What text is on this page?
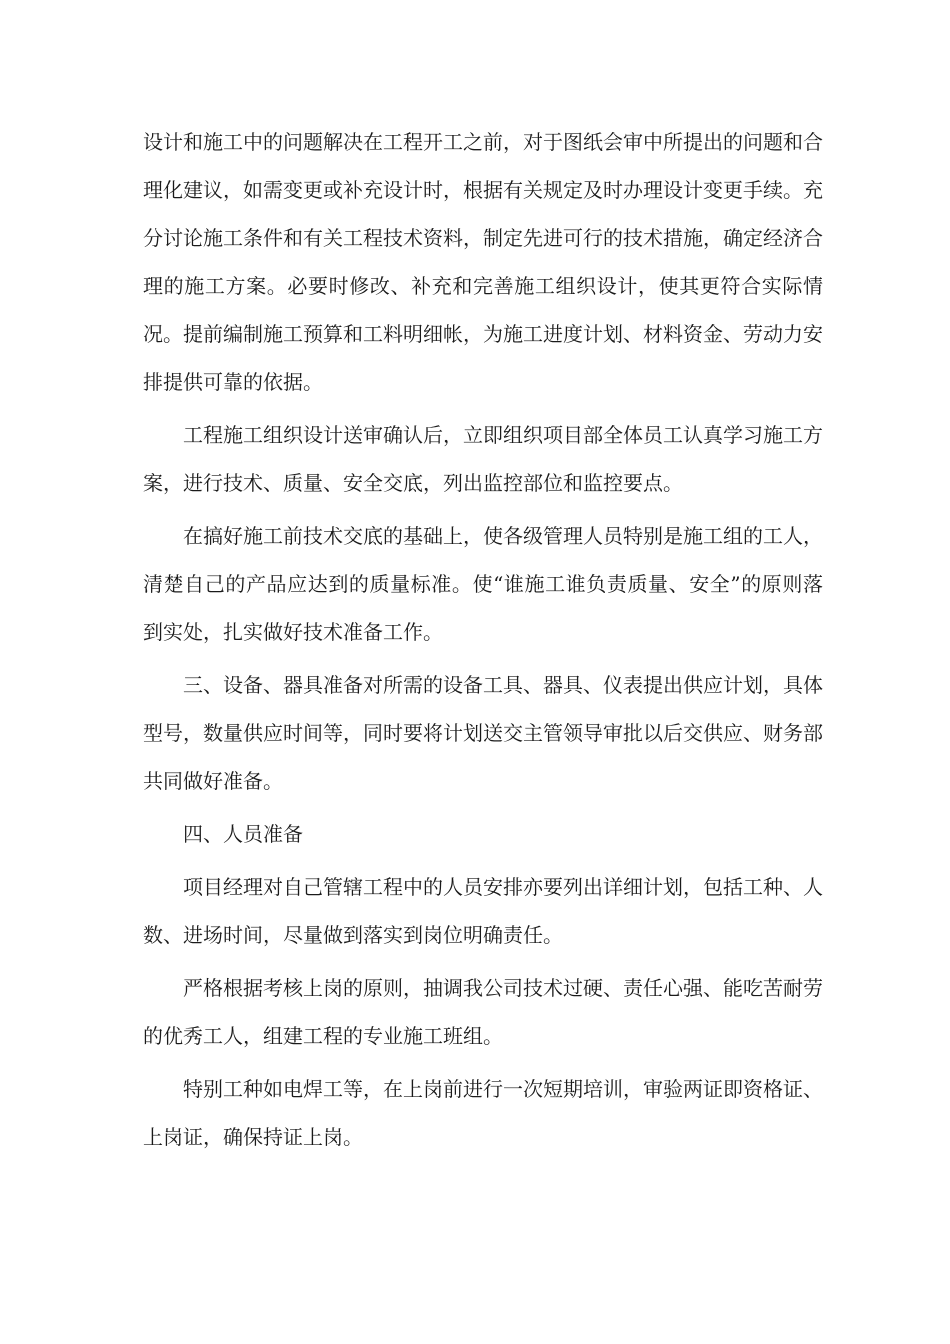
设计和施工中的问题解决在工程开工之前，对于图纸会审中所提出的问题和合理化建议，如需变更或补充设计时，根据有关规定及时办理设计变更手续。充分讨论施工条件和有关工程技术资料，制定先进可行的技术措施，确定经济合理的施工方案。必要时修改、补充和完善施工组织设计，使其更符合实际情况。提前编制施工预算和工料明细帐，为施工进度计划、材料资金、劳动力安排提供可靠的依据。

工程施工组织设计送审确认后，立即组织项目部全体员工认真学习施工方案，进行技术、质量、安全交底，列出监控部位和监控要点。

在搞好施工前技术交底的基础上，使各级管理人员特别是施工组的工人，清楚自己的产品应达到的质量标准。使“谁施工谁负责质量、安全”的原则落到实处，扎实做好技术准备工作。

三、设备、器具准备对所需的设备工具、器具、仪表提出供应计划，具体型号，数量供应时间等，同时要将计划送交主管领导审批以后交供应、财务部共同做好准备。

四、人员准备

项目经理对自己管辖工程中的人员安排亦要列出详细计划，包括工种、人数、进场时间，尽量做到落实到岗位明确责任。

严格根据考核上岗的原则，抽调我公司技术过硬、责任心强、能吃苦耐劳的优秀工人，组建工程的专业施工班组。

特别工种如电焊工等，在上岗前进行一次短期培训，审验两证即资格证、上岗证，确保持证上岗。
